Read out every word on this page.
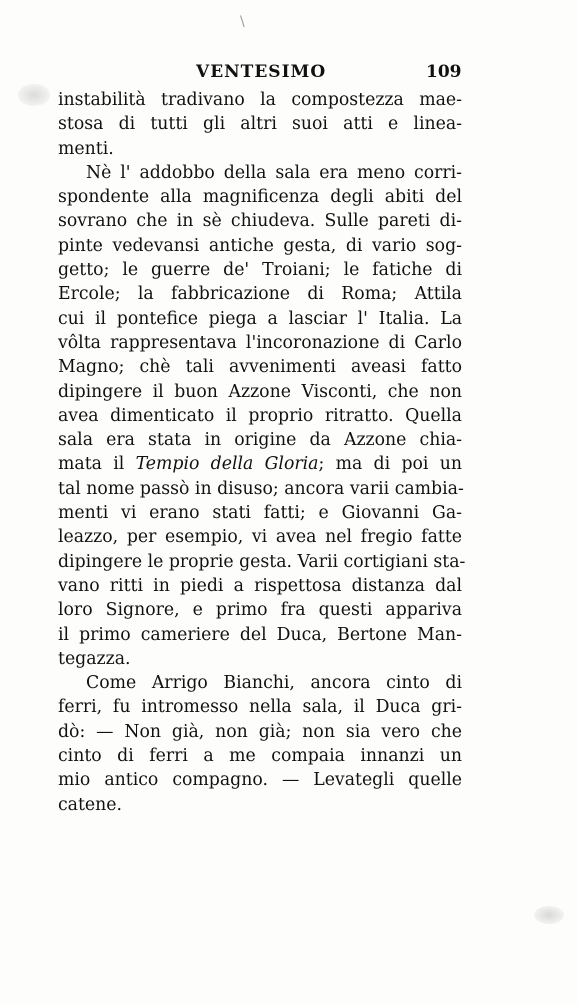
\
VENTESIMO	109
instabilità tradivano la compostezza mae-
stosa di tutti gli altri suoi atti e linea-
menti.
Nè l' addobbo della sala era meno corri-
spondente alla magnificenza degli abiti del
sovrano che in sè chiudeva. Sulle pareti di-
pinte vedevansi antiche gesta, di vario sog-
getto; le guerre de' Troiani; le fatiche di
Ercole; la fabbricazione di Roma; Attila
cui il pontefice piega a lasciar l' Italia. La
vôlta rappresentava l'incoronazione di Carlo
Magno; chè tali avvenimenti aveasi fatto
dipingere il buon Azzone Visconti, che non
avea dimenticato il proprio ritratto. Quella
sala era stata in origine da Azzone chia-
mata il Tempio della Gloria; ma di poi un
tal nome passò in disuso; ancora varii cambia-
menti vi erano stati fatti; e Giovanni Ga-
leazzo, per esempio, vi avea nel fregio fatte
dipingere le proprie gesta. Varii cortigiani sta-
vano ritti in piedi a rispettosa distanza dal
loro Signore, e primo fra questi appariva
il primo cameriere del Duca, Bertone Man-
tegazza.
Come Arrigo Bianchi, ancora cinto di
ferri, fu intromesso nella sala, il Duca gri-
dò: — Non già, non già; non sia vero che
cinto di ferri a me compaia innanzi un
mio antico compagno. — Levategli quelle
catene.
